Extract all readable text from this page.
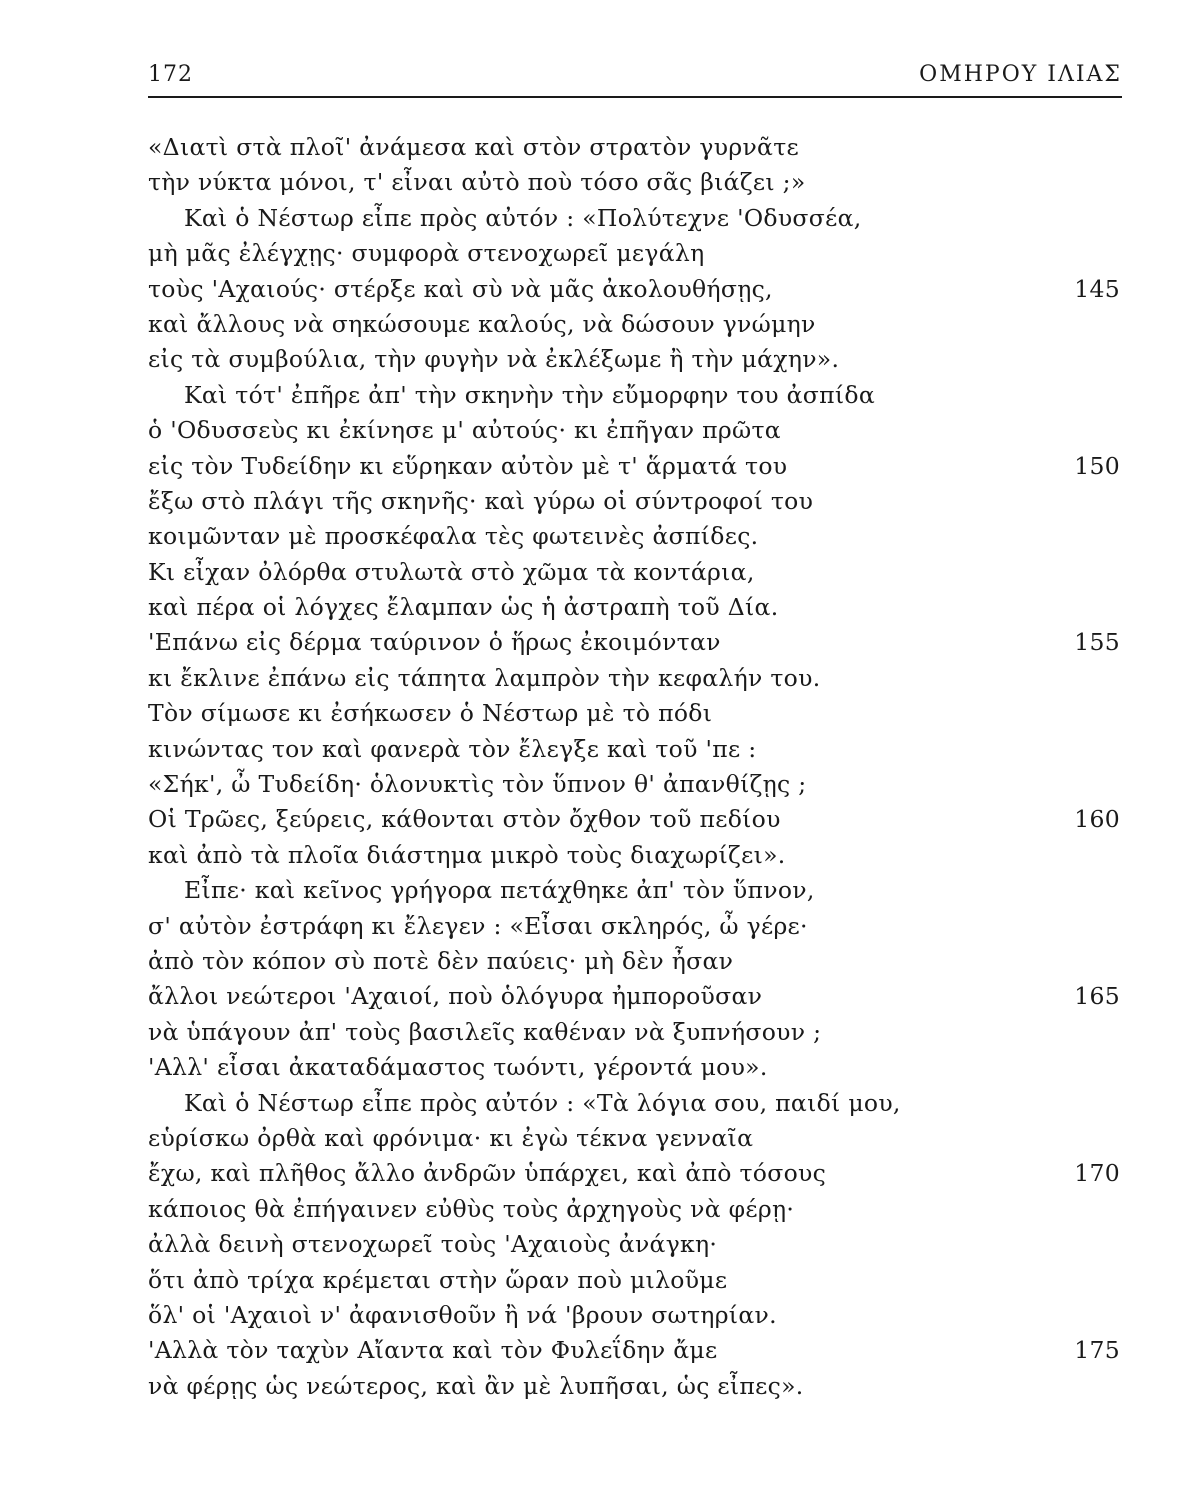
172	ΟΜΗΡΟΥ ΙΛΙΑΣ
«Διατὶ στὰ πλοῖ' ἀνάμεσα καὶ στὸν στρατὸν γυρνᾶτε
τὴν νύκτα μόνοι, τ' εἶναι αὐτὸ ποὺ τόσο σᾶς βιάζει ;»
Καὶ ὁ Νέστωρ εἶπε πρὸς αὐτόν : «Πολύτεχνε 'Οδυσσέα,
μὴ μᾶς ἐλέγχῃς· συμφορὰ στενοχωρεῖ μεγάλη
τοὺς 'Αχαιούς· στέρξε καὶ σὺ νὰ μᾶς ἀκολουθήσῃς,	145
καὶ ἄλλους νὰ σηκώσουμε καλούς, νὰ δώσουν γνώμην
εἰς τὰ συμβούλια, τὴν φυγὴν νὰ ἐκλέξωμε ἢ τὴν μάχην».
Καὶ τότ' ἐπῆρε ἀπ' τὴν σκηνὴν τὴν εὔμορφην του ἀσπίδα
ὁ 'Οδυσσεὺς κι ἐκίνησε μ' αὐτούς· κι ἐπῆγαν πρῶτα
εἰς τὸν Τυδείδην κι εὕρηκαν αὐτὸν μὲ τ' ἅρματά του	150
ἔξω στὸ πλάγι τῆς σκηνῆς· καὶ γύρω οἱ σύντροφοί του
κοιμῶνταν μὲ προσκέφαλα τὲς φωτεινὲς ἀσπίδες.
Κι εἶχαν ὀλόρθα στυλωτὰ στὸ χῶμα τὰ κοντάρια,
καὶ πέρα οἱ λόγχες ἔλαμπαν ὡς ἡ ἀστραπὴ τοῦ Δία.
'Επάνω εἰς δέρμα ταύρινον ὁ ἥρως ἐκοιμόνταν	155
κι ἔκλινε ἐπάνω εἰς τάπητα λαμπρὸν τὴν κεφαλήν του.
Τὸν σίμωσε κι ἐσήκωσεν ὁ Νέστωρ μὲ τὸ πόδι
κινώντας τον καὶ φανερὰ τὸν ἔλεγξε καὶ τοῦ 'πε :
«Σήκ', ὦ Τυδείδη· ὁλονυκτὶς τὸν ὕπνον θ' ἀπανθίζῃς ;
Οἱ Τρῶες, ξεύρεις, κάθονται στὸν ὄχθον τοῦ πεδίου	160
καὶ ἀπὸ τὰ πλοῖα διάστημα μικρὸ τοὺς διαχωρίζει».
Εἶπε· καὶ κεῖνος γρήγορα πετάχθηκε ἀπ' τὸν ὕπνον,
σ' αὐτὸν ἐστράφη κι ἔλεγεν : «Εἶσαι σκληρός, ὦ γέρε·
ἀπὸ τὸν κόπον σὺ ποτὲ δὲν παύεις· μὴ δὲν ἦσαν
ἄλλοι νεώτεροι 'Αχαιοί, ποὺ ὁλόγυρα ἠμποροῦσαν	165
νὰ ὑπάγουν ἀπ' τοὺς βασιλεῖς καθέναν νὰ ξυπνήσουν ;
'Αλλ' εἶσαι ἀκαταδάμαστος τωόντι, γέροντά μου».
Καὶ ὁ Νέστωρ εἶπε πρὸς αὐτόν : «Τὰ λόγια σου, παιδί μου,
εὑρίσκω ὀρθὰ καὶ φρόνιμα· κι ἐγὼ τέκνα γενναῖα
ἔχω, καὶ πλῆθος ἄλλο ἀνδρῶν ὑπάρχει, καὶ ἀπὸ τόσους	170
κάποιος θὰ ἐπήγαινεν εὐθὺς τοὺς ἀρχηγοὺς νὰ φέρῃ·
ἀλλὰ δεινὴ στενοχωρεῖ τοὺς 'Αχαιοὺς ἀνάγκη·
ὅτι ἀπὸ τρίχα κρέμεται στὴν ὥραν ποὺ μιλοῦμε
ὅλ' οἱ 'Αχαιοὶ ν' ἀφανισθοῦν ἢ νά 'βρουν σωτηρίαν.
'Αλλὰ τὸν ταχὺν Αἴαντα καὶ τὸν Φυλεΐδην ἄμε	175
νὰ φέρῃς ὡς νεώτερος, καὶ ἂν μὲ λυπῆσαι, ὡς εἶπες».
